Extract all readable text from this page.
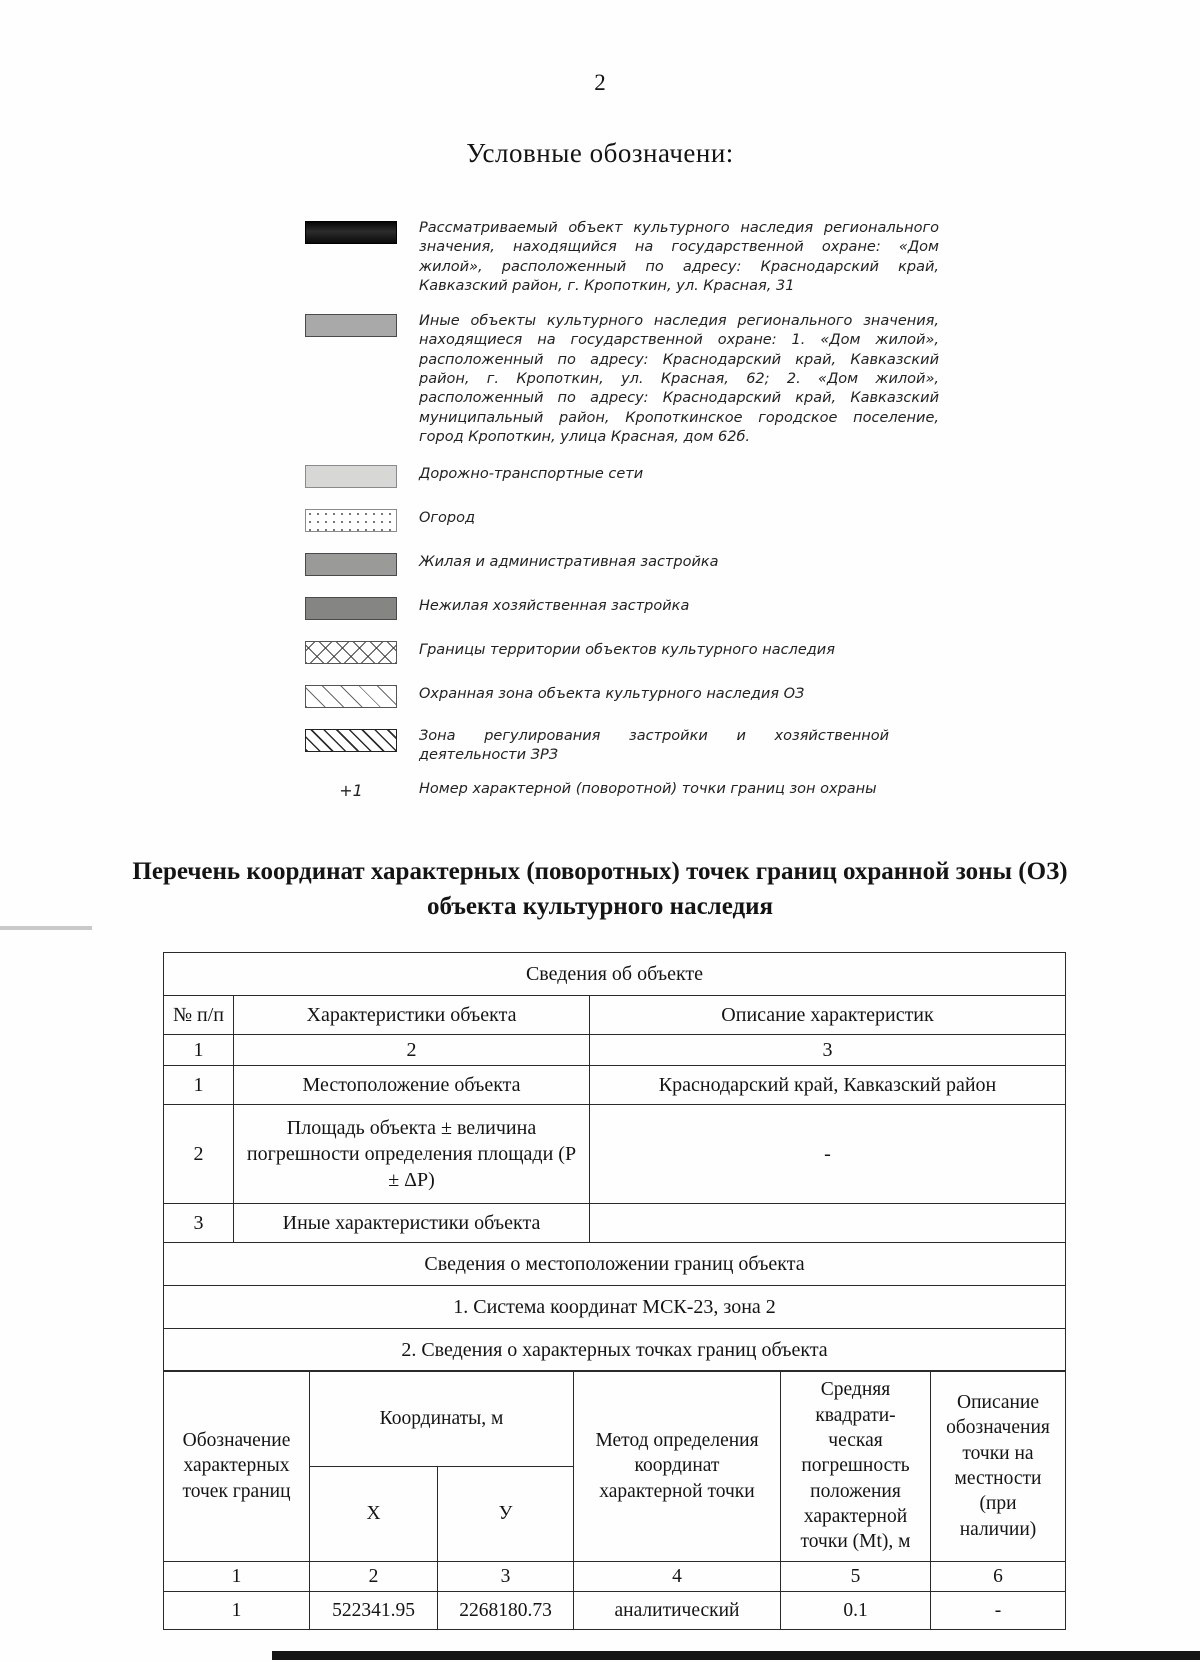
2
Условные обозначени:
Рассматриваемый объект культурного наследия регионального значения, находящийся на государственной охране: «Дом жилой», расположенный по адресу: Краснодарский край, Кавказский район, г. Кропоткин, ул. Красная, 31
Иные объекты культурного наследия регионального значения, находящиеся на государственной охране: 1. «Дом жилой», расположенный по адресу: Краснодарский край, Кавказский район, г. Кропоткин, ул. Красная, 62; 2. «Дом жилой», расположенный по адресу: Краснодарский край, Кавказский муниципальный район, Кропоткинское городское поселение, город Кропоткин, улица Красная, дом 62б.
Дорожно-транспортные сети
Огород
Жилая и административная застройка
Нежилая хозяйственная застройка
Границы территории объектов культурного наследия
Охранная зона объекта культурного наследия ОЗ
Зона регулирования застройки и хозяйственной деятельности ЗРЗ
+1	Номер характерной (поворотной) точки границ зон охраны
Перечень координат характерных (поворотных) точек границ охранной зоны (ОЗ) объекта культурного наследия
Сведения об объекте		
№ п/п	Характеристики объекта	Описание характеристик
1	2	3
1	Местоположение объекта	Краснодарский край, Кавказский район
2	Площадь объекта ± величина погрешности определения площади (Р ± ΔР)	-
3	Иные характеристики объекта	
Сведения о местоположении границ объекта		
1. Система координат МСК-23, зона 2		
2. Сведения о характерных точках границ объекта		
Обозначение характерных точек границ	Координаты, м		Метод определения координат характерной точки	Средняя квадрати-ческая погрешность положения характерной точки (Мt), м	Описание обозначения точки на местности (при наличии)
	X	У			
1	2	3	4	5	6
1	522341.95	2268180.73	аналитический	0.1	-
